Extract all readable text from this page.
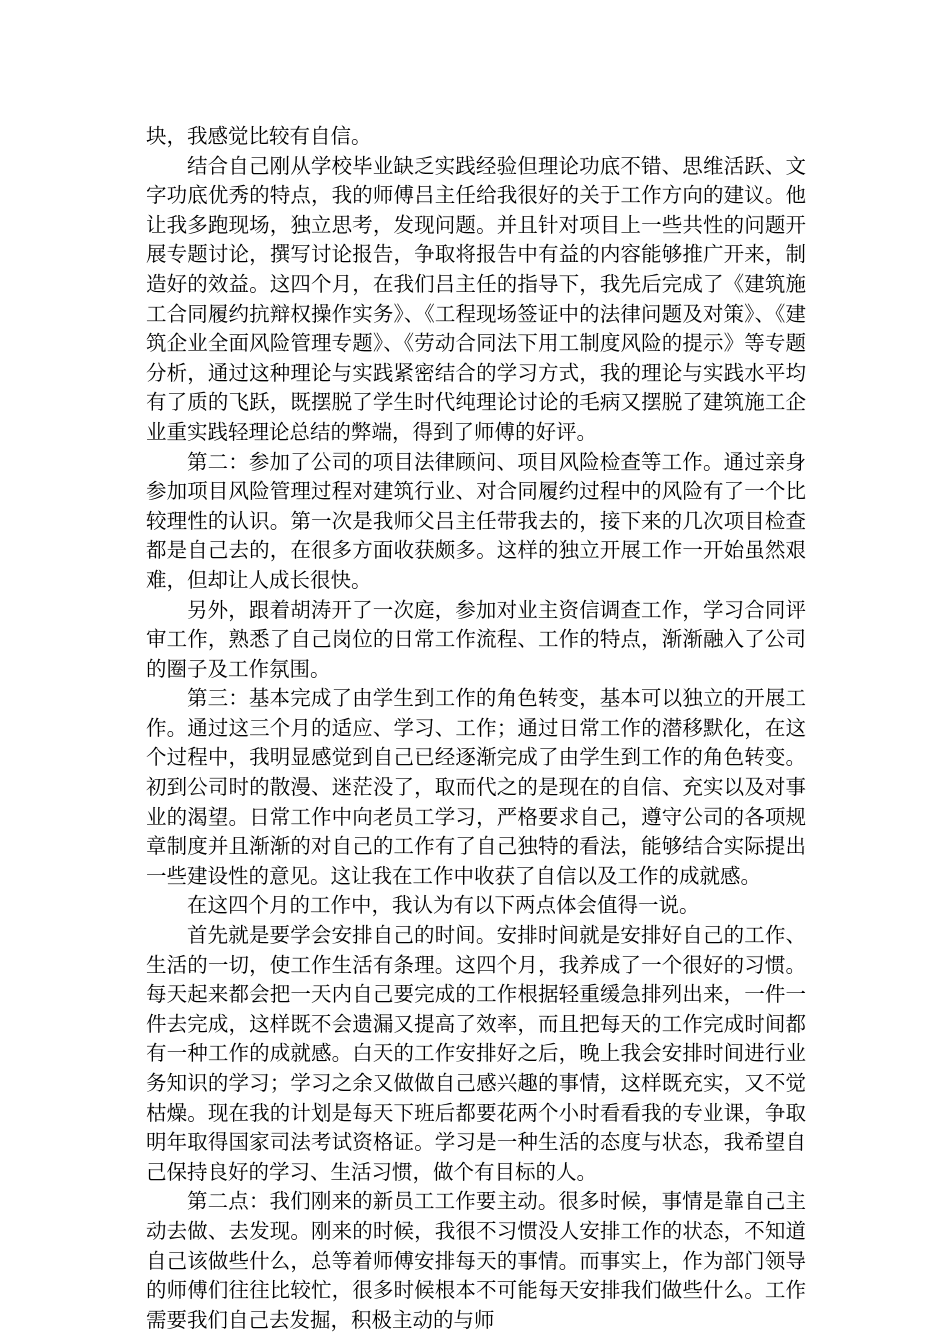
块，我感觉比较有自信。

结合自己刚从学校毕业缺乏实践经验但理论功底不错、思维活跃、文字功底优秀的特点，我的师傅吕主任给我很好的关于工作方向的建议。他让我多跑现场，独立思考，发现问题。并且针对项目上一些共性的问题开展专题讨论，撰写讨论报告，争取将报告中有益的内容能够推广开来，制造好的效益。这四个月，在我们吕主任的指导下，我先后完成了《建筑施工合同履约抗辩权操作实务》、《工程现场签证中的法律问题及对策》、《建筑企业全面风险管理专题》、《劳动合同法下用工制度风险的提示》等专题分析，通过这种理论与实践紧密结合的学习方式，我的理论与实践水平均有了质的飞跃，既摆脱了学生时代纯理论讨论的毛病又摆脱了建筑施工企业重实践轻理论总结的弊端，得到了师傅的好评。

第二：参加了公司的项目法律顾问、项目风险检查等工作。通过亲身参加项目风险管理过程对建筑行业、对合同履约过程中的风险有了一个比较理性的认识。第一次是我师父吕主任带我去的，接下来的几次项目检查都是自己去的，在很多方面收获颇多。这样的独立开展工作一开始虽然艰难，但却让人成长很快。

另外，跟着胡涛开了一次庭，参加对业主资信调查工作，学习合同评审工作，熟悉了自己岗位的日常工作流程、工作的特点，渐渐融入了公司的圈子及工作氛围。

第三：基本完成了由学生到工作的角色转变，基本可以独立的开展工作。通过这三个月的适应、学习、工作；通过日常工作的潜移默化，在这个过程中，我明显感觉到自己已经逐渐完成了由学生到工作的角色转变。初到公司时的散漫、迷茫没了，取而代之的是现在的自信、充实以及对事业的渴望。日常工作中向老员工学习，严格要求自己，遵守公司的各项规章制度并且渐渐的对自己的工作有了自己独特的看法，能够结合实际提出一些建设性的意见。这让我在工作中收获了自信以及工作的成就感。

在这四个月的工作中，我认为有以下两点体会值得一说。

首先就是要学会安排自己的时间。安排时间就是安排好自己的工作、生活的一切，使工作生活有条理。这四个月，我养成了一个很好的习惯。每天起来都会把一天内自己要完成的工作根据轻重缓急排列出来，一件一件去完成，这样既不会遗漏又提高了效率，而且把每天的工作完成时间都有一种工作的成就感。白天的工作安排好之后，晚上我会安排时间进行业务知识的学习；学习之余又做做自己感兴趣的事情，这样既充实，又不觉枯燥。现在我的计划是每天下班后都要花两个小时看看我的专业课，争取明年取得国家司法考试资格证。学习是一种生活的态度与状态，我希望自己保持良好的学习、生活习惯，做个有目标的人。

第二点：我们刚来的新员工工作要主动。很多时候，事情是靠自己主动去做、去发现。刚来的时候，我很不习惯没人安排工作的状态，不知道自己该做些什么，总等着师傅安排每天的事情。而事实上，作为部门领导的师傅们往往比较忙，很多时候根本不可能每天安排我们做些什么。工作需要我们自己去发掘，积极主动的与师
